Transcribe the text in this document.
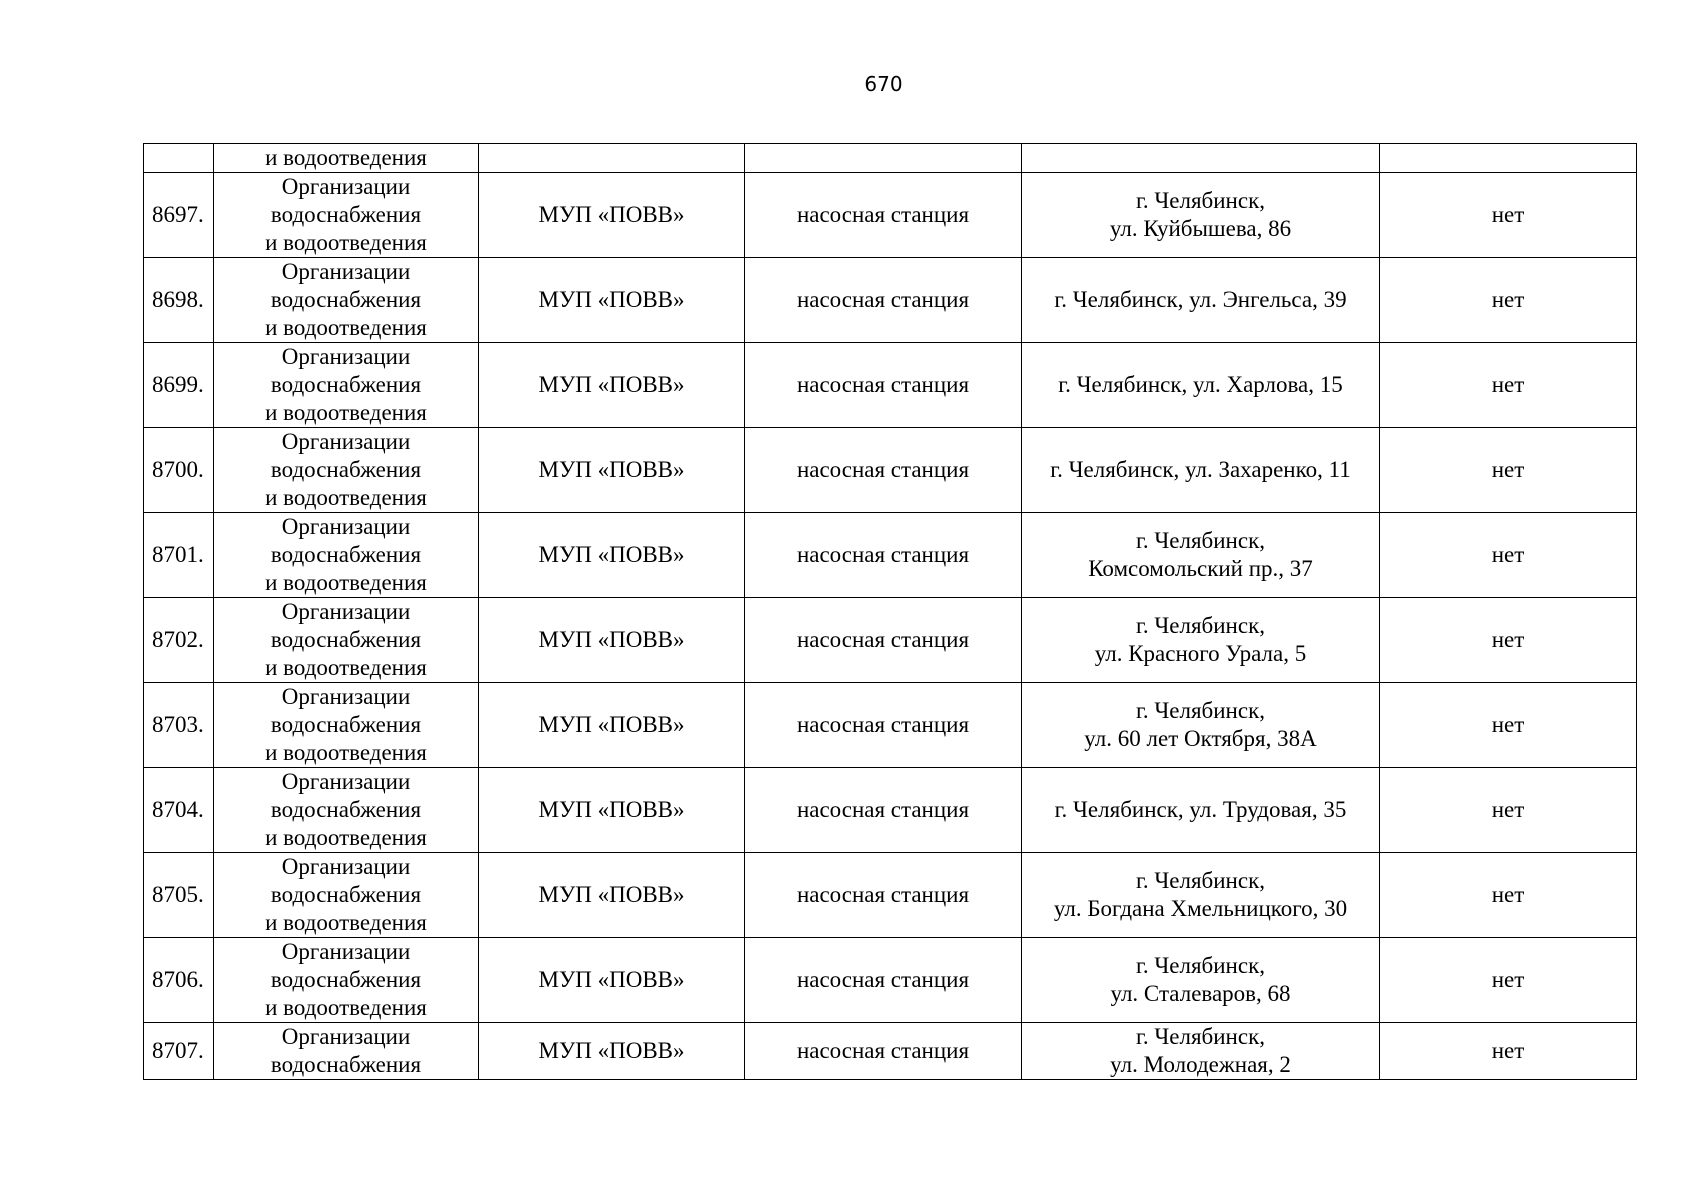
670
	и водоотведения				
8697.	Организации
водоснабжения
и водоотведения	МУП «ПОВВ»	насосная станция	г. Челябинск,
ул. Куйбышева, 86	нет
8698.	Организации
водоснабжения
и водоотведения	МУП «ПОВВ»	насосная станция	г. Челябинск, ул. Энгельса, 39	нет
8699.	Организации
водоснабжения
и водоотведения	МУП «ПОВВ»	насосная станция	г. Челябинск, ул. Харлова, 15	нет
8700.	Организации
водоснабжения
и водоотведения	МУП «ПОВВ»	насосная станция	г. Челябинск, ул. Захаренко, 11	нет
8701.	Организации
водоснабжения
и водоотведения	МУП «ПОВВ»	насосная станция	г. Челябинск,
Комсомольский пр., 37	нет
8702.	Организации
водоснабжения
и водоотведения	МУП «ПОВВ»	насосная станция	г. Челябинск,
ул. Красного Урала, 5	нет
8703.	Организации
водоснабжения
и водоотведения	МУП «ПОВВ»	насосная станция	г. Челябинск,
ул. 60 лет Октября, 38А	нет
8704.	Организации
водоснабжения
и водоотведения	МУП «ПОВВ»	насосная станция	г. Челябинск, ул. Трудовая, 35	нет
8705.	Организации
водоснабжения
и водоотведения	МУП «ПОВВ»	насосная станция	г. Челябинск,
ул. Богдана Хмельницкого, 30	нет
8706.	Организации
водоснабжения
и водоотведения	МУП «ПОВВ»	насосная станция	г. Челябинск,
ул. Сталеваров, 68	нет
8707.	Организации
водоснабжения	МУП «ПОВВ»	насосная станция	г. Челябинск,
ул. Молодежная, 2	нет
